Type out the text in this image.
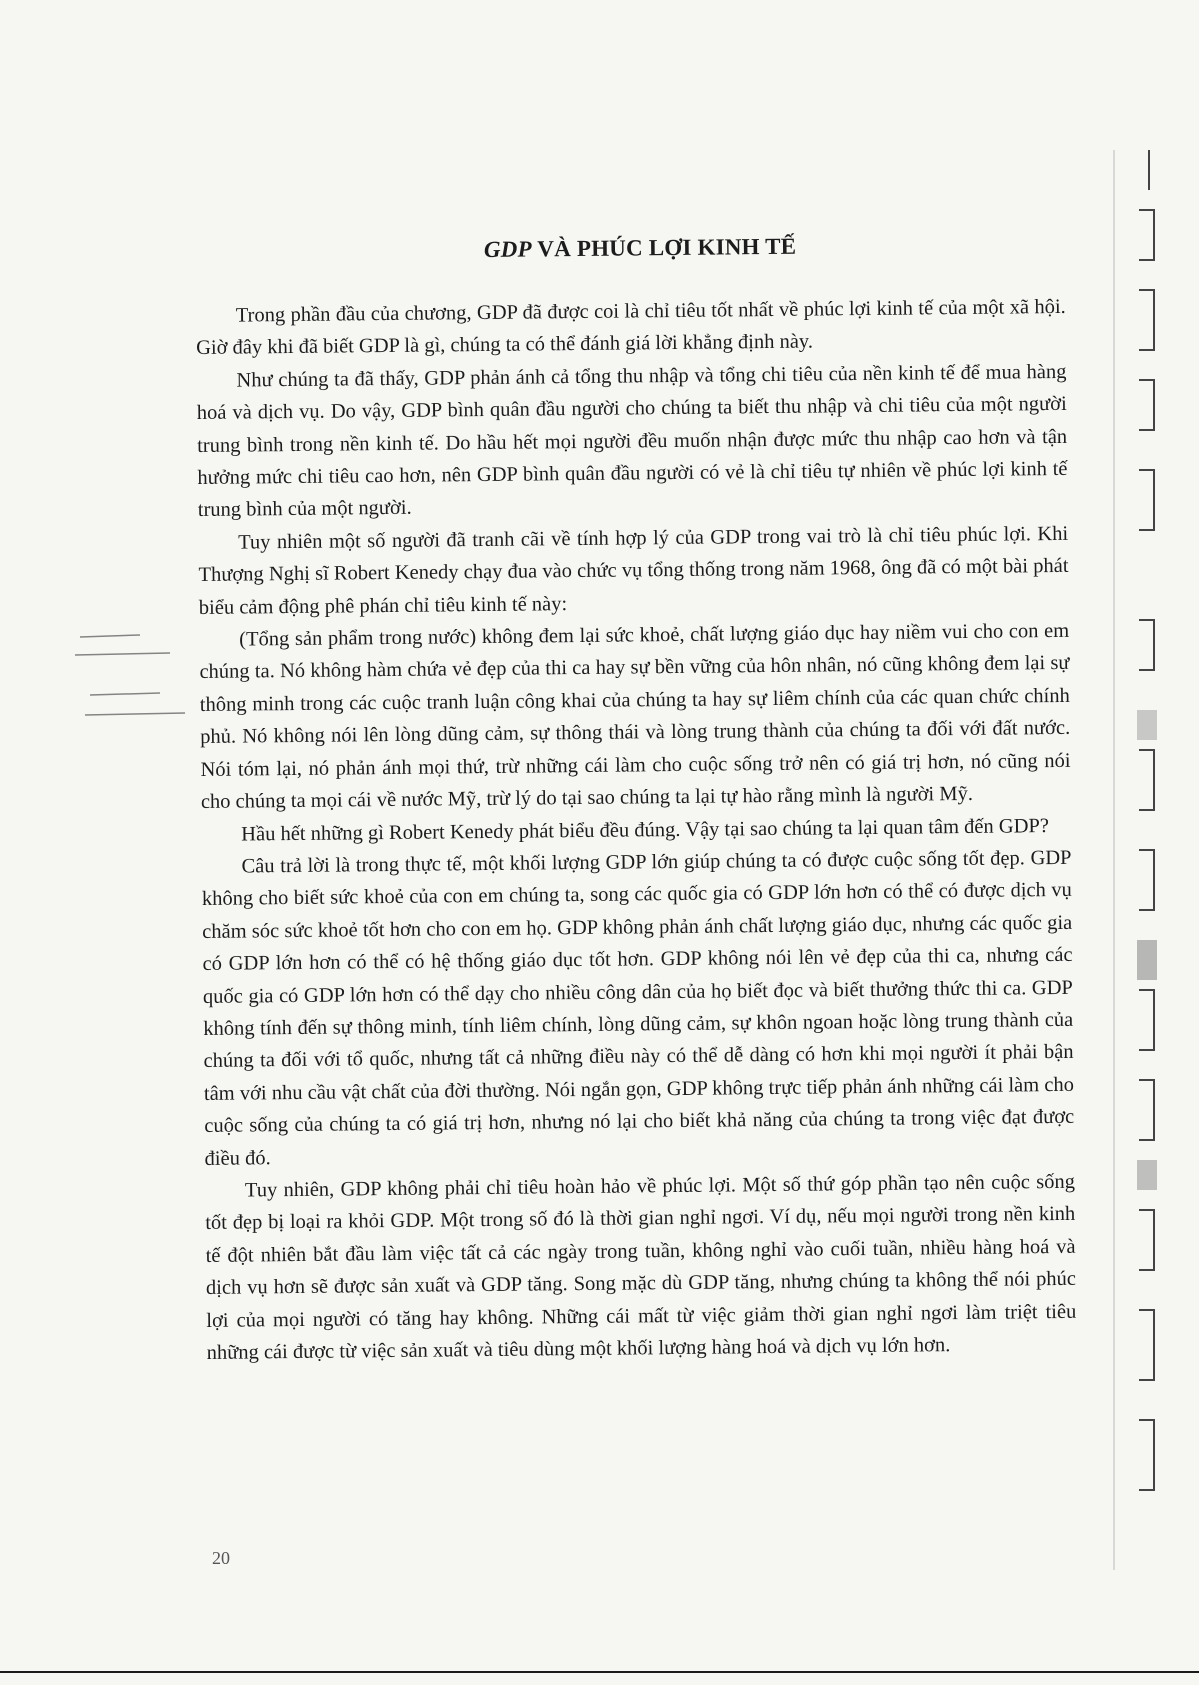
GDP VÀ PHÚC LỢI KINH TẾ

Trong phần đầu của chương, GDP đã được coi là chỉ tiêu tốt nhất về phúc lợi kinh tế của một xã hội. Giờ đây khi đã biết GDP là gì, chúng ta có thể đánh giá lời khẳng định này.

Như chúng ta đã thấy, GDP phản ánh cả tổng thu nhập và tổng chi tiêu của nền kinh tế để mua hàng hoá và dịch vụ. Do vậy, GDP bình quân đầu người cho chúng ta biết thu nhập và chi tiêu của một người trung bình trong nền kinh tế. Do hầu hết mọi người đều muốn nhận được mức thu nhập cao hơn và tận hưởng mức chi tiêu cao hơn, nên GDP bình quân đầu người có vẻ là chỉ tiêu tự nhiên về phúc lợi kinh tế trung bình của một người.

Tuy nhiên một số người đã tranh cãi về tính hợp lý của GDP trong vai trò là chỉ tiêu phúc lợi. Khi Thượng Nghị sĩ Robert Kenedy chạy đua vào chức vụ tổng thống trong năm 1968, ông đã có một bài phát biểu cảm động phê phán chỉ tiêu kinh tế này:

(Tổng sản phẩm trong nước) không đem lại sức khoẻ, chất lượng giáo dục hay niềm vui cho con em chúng ta. Nó không hàm chứa vẻ đẹp của thi ca hay sự bền vững của hôn nhân, nó cũng không đem lại sự thông minh trong các cuộc tranh luận công khai của chúng ta hay sự liêm chính của các quan chức chính phủ. Nó không nói lên lòng dũng cảm, sự thông thái và lòng trung thành của chúng ta đối với đất nước. Nói tóm lại, nó phản ánh mọi thứ, trừ những cái làm cho cuộc sống trở nên có giá trị hơn, nó cũng nói cho chúng ta mọi cái về nước Mỹ, trừ lý do tại sao chúng ta lại tự hào rằng mình là người Mỹ.

Hầu hết những gì Robert Kenedy phát biểu đều đúng. Vậy tại sao chúng ta lại quan tâm đến GDP?

Câu trả lời là trong thực tế, một khối lượng GDP lớn giúp chúng ta có được cuộc sống tốt đẹp. GDP không cho biết sức khoẻ của con em chúng ta, song các quốc gia có GDP lớn hơn có thể có được dịch vụ chăm sóc sức khoẻ tốt hơn cho con em họ. GDP không phản ánh chất lượng giáo dục, nhưng các quốc gia có GDP lớn hơn có thể có hệ thống giáo dục tốt hơn. GDP không nói lên vẻ đẹp của thi ca, nhưng các quốc gia có GDP lớn hơn có thể dạy cho nhiều công dân của họ biết đọc và biết thưởng thức thi ca. GDP không tính đến sự thông minh, tính liêm chính, lòng dũng cảm, sự khôn ngoan hoặc lòng trung thành của chúng ta đối với tổ quốc, nhưng tất cả những điều này có thể dễ dàng có hơn khi mọi người ít phải bận tâm với nhu cầu vật chất của đời thường. Nói ngắn gọn, GDP không trực tiếp phản ánh những cái làm cho cuộc sống của chúng ta có giá trị hơn, nhưng nó lại cho biết khả năng của chúng ta trong việc đạt được điều đó.

Tuy nhiên, GDP không phải chỉ tiêu hoàn hảo về phúc lợi. Một số thứ góp phần tạo nên cuộc sống tốt đẹp bị loại ra khỏi GDP. Một trong số đó là thời gian nghỉ ngơi. Ví dụ, nếu mọi người trong nền kinh tế đột nhiên bắt đầu làm việc tất cả các ngày trong tuần, không nghỉ vào cuối tuần, nhiều hàng hoá và dịch vụ hơn sẽ được sản xuất và GDP tăng. Song mặc dù GDP tăng, nhưng chúng ta không thể nói phúc lợi của mọi người có tăng hay không. Những cái mất từ việc giảm thời gian nghỉ ngơi làm triệt tiêu những cái được từ việc sản xuất và tiêu dùng một khối lượng hàng hoá và dịch vụ lớn hơn.

20
